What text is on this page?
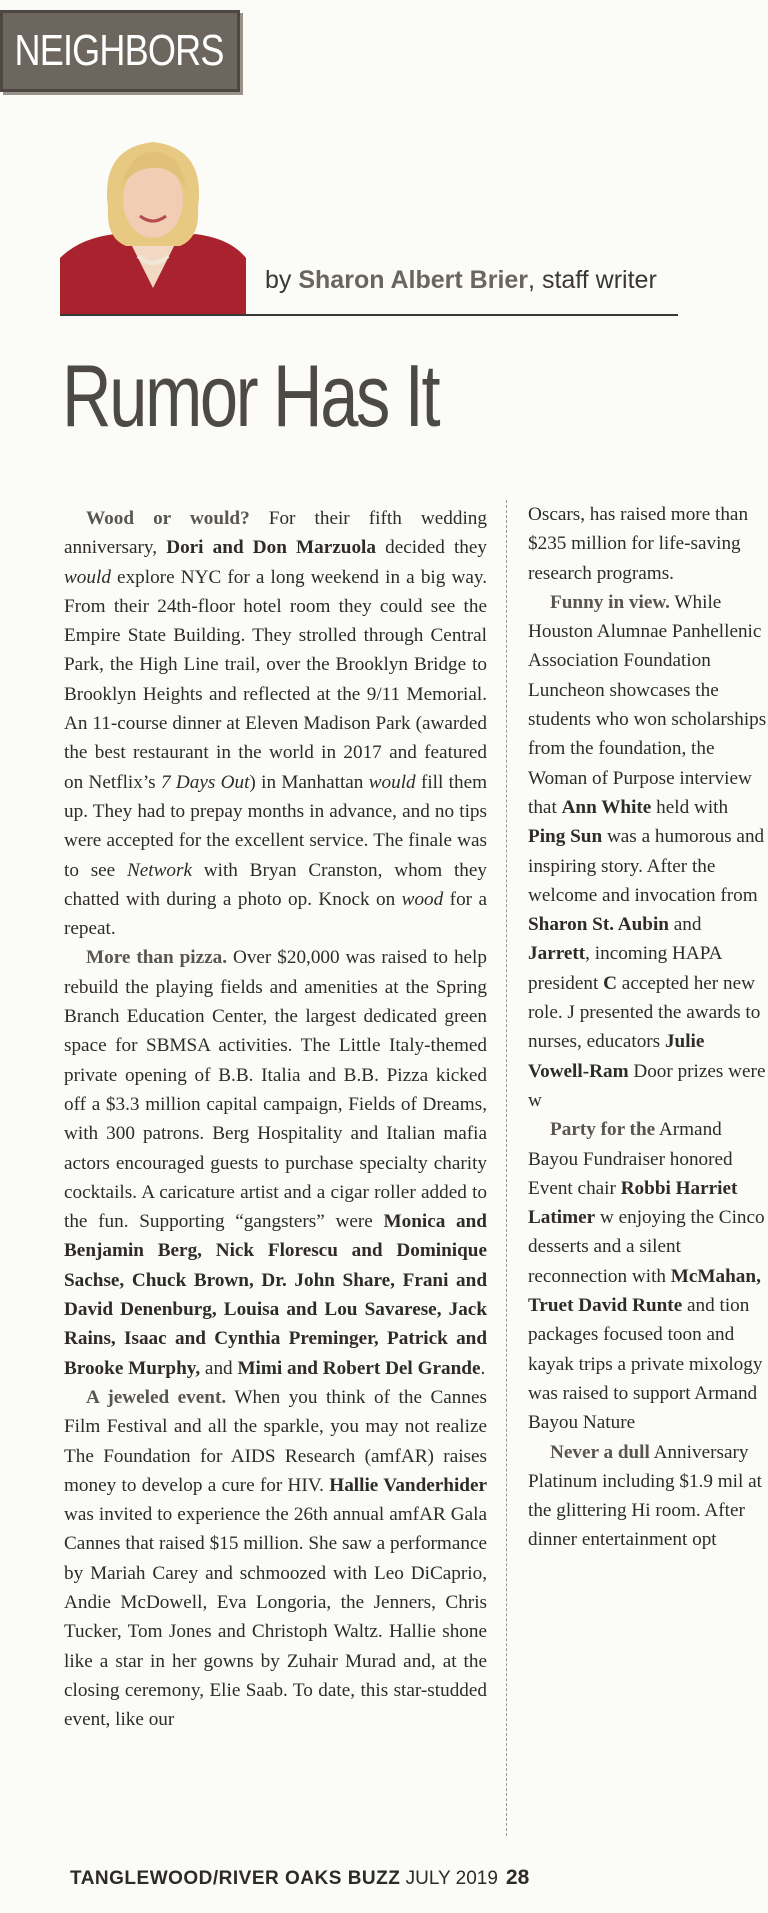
NEIGHBORS
by Sharon Albert Brier, staff writer
Rumor Has It

Wood or would? For their fifth wedding anniversary, Dori and Don Marzuola decided they would explore NYC for a long weekend in a big way. From their 24th-floor hotel room they could see the Empire State Building. They strolled through Central Park, the High Line trail, over the Brooklyn Bridge to Brooklyn Heights and reflected at the 9/11 Memorial. An 11-course dinner at Eleven Madison Park (awarded the best restaurant in the world in 2017 and featured on Netflix’s 7 Days Out) in Manhattan would fill them up. They had to prepay months in advance, and no tips were accepted for the excellent service. The finale was to see Network with Bryan Cranston, whom they chatted with during a photo op. Knock on wood for a repeat.

More than pizza. Over $20,000 was raised to help rebuild the playing fields and amenities at the Spring Branch Education Center, the largest dedicated green space for SBMSA activities. The Little Italy-themed private opening of B.B. Italia and B.B. Pizza kicked off a $3.3 million capital campaign, Fields of Dreams, with 300 patrons. Berg Hospitality and Italian mafia actors encouraged guests to purchase specialty charity cocktails. A caricature artist and a cigar roller added to the fun. Supporting “gangsters” were Monica and Benjamin Berg, Nick Florescu and Dominique Sachse, Chuck Brown, Dr. John Share, Frani and David Denenburg, Louisa and Lou Savarese, Jack Rains, Isaac and Cynthia Preminger, Patrick and Brooke Murphy, and Mimi and Robert Del Grande.

A jeweled event. When you think of the Cannes Film Festival and all the sparkle, you may not realize The Foundation for AIDS Research (amfAR) raises money to develop a cure for HIV. Hallie Vanderhider was invited to experience the 26th annual amfAR Gala Cannes that raised $15 million. She saw a performance by Mariah Carey and schmoozed with Leo DiCaprio, Andie McDowell, Eva Longoria, the Jenners, Chris Tucker, Tom Jones and Christoph Waltz. Hallie shone like a star in her gowns by Zuhair Murad and, at the closing ceremony, Elie Saab. To date, this star-studded event, like our

Oscars, has raised more than $235 million for life-saving research programs.

Funny in view. While Houston Alumnae Panhellenic Association Foundation Luncheon showcases the students who won scholarships from the foundation, the Woman of Purpose interview that Ann White held with Ping Sun was a humorous and inspiring story. After the welcome and invocation from Sharon St. Aubin and Jarrett, incoming HAPA president C accepted her new role. J presented the awards to nurses, educators Julie Vowell-Ram Door prizes were w

Party for the Armand Bayou Fundraiser honored Event chair Robbi Harriet Latimer w enjoying the Cinco desserts and a silent reconnection with McMahan, Truet David Runte and tion packages focused toon and kayak trips a private mixology was raised to support Armand Bayou Nature

Never a dull Anniversary Platinum including $1.9 mil at the glittering Hi room. After dinner entertainment opt

TANGLEWOOD/RIVER OAKS BUZZ JULY 2019 28
